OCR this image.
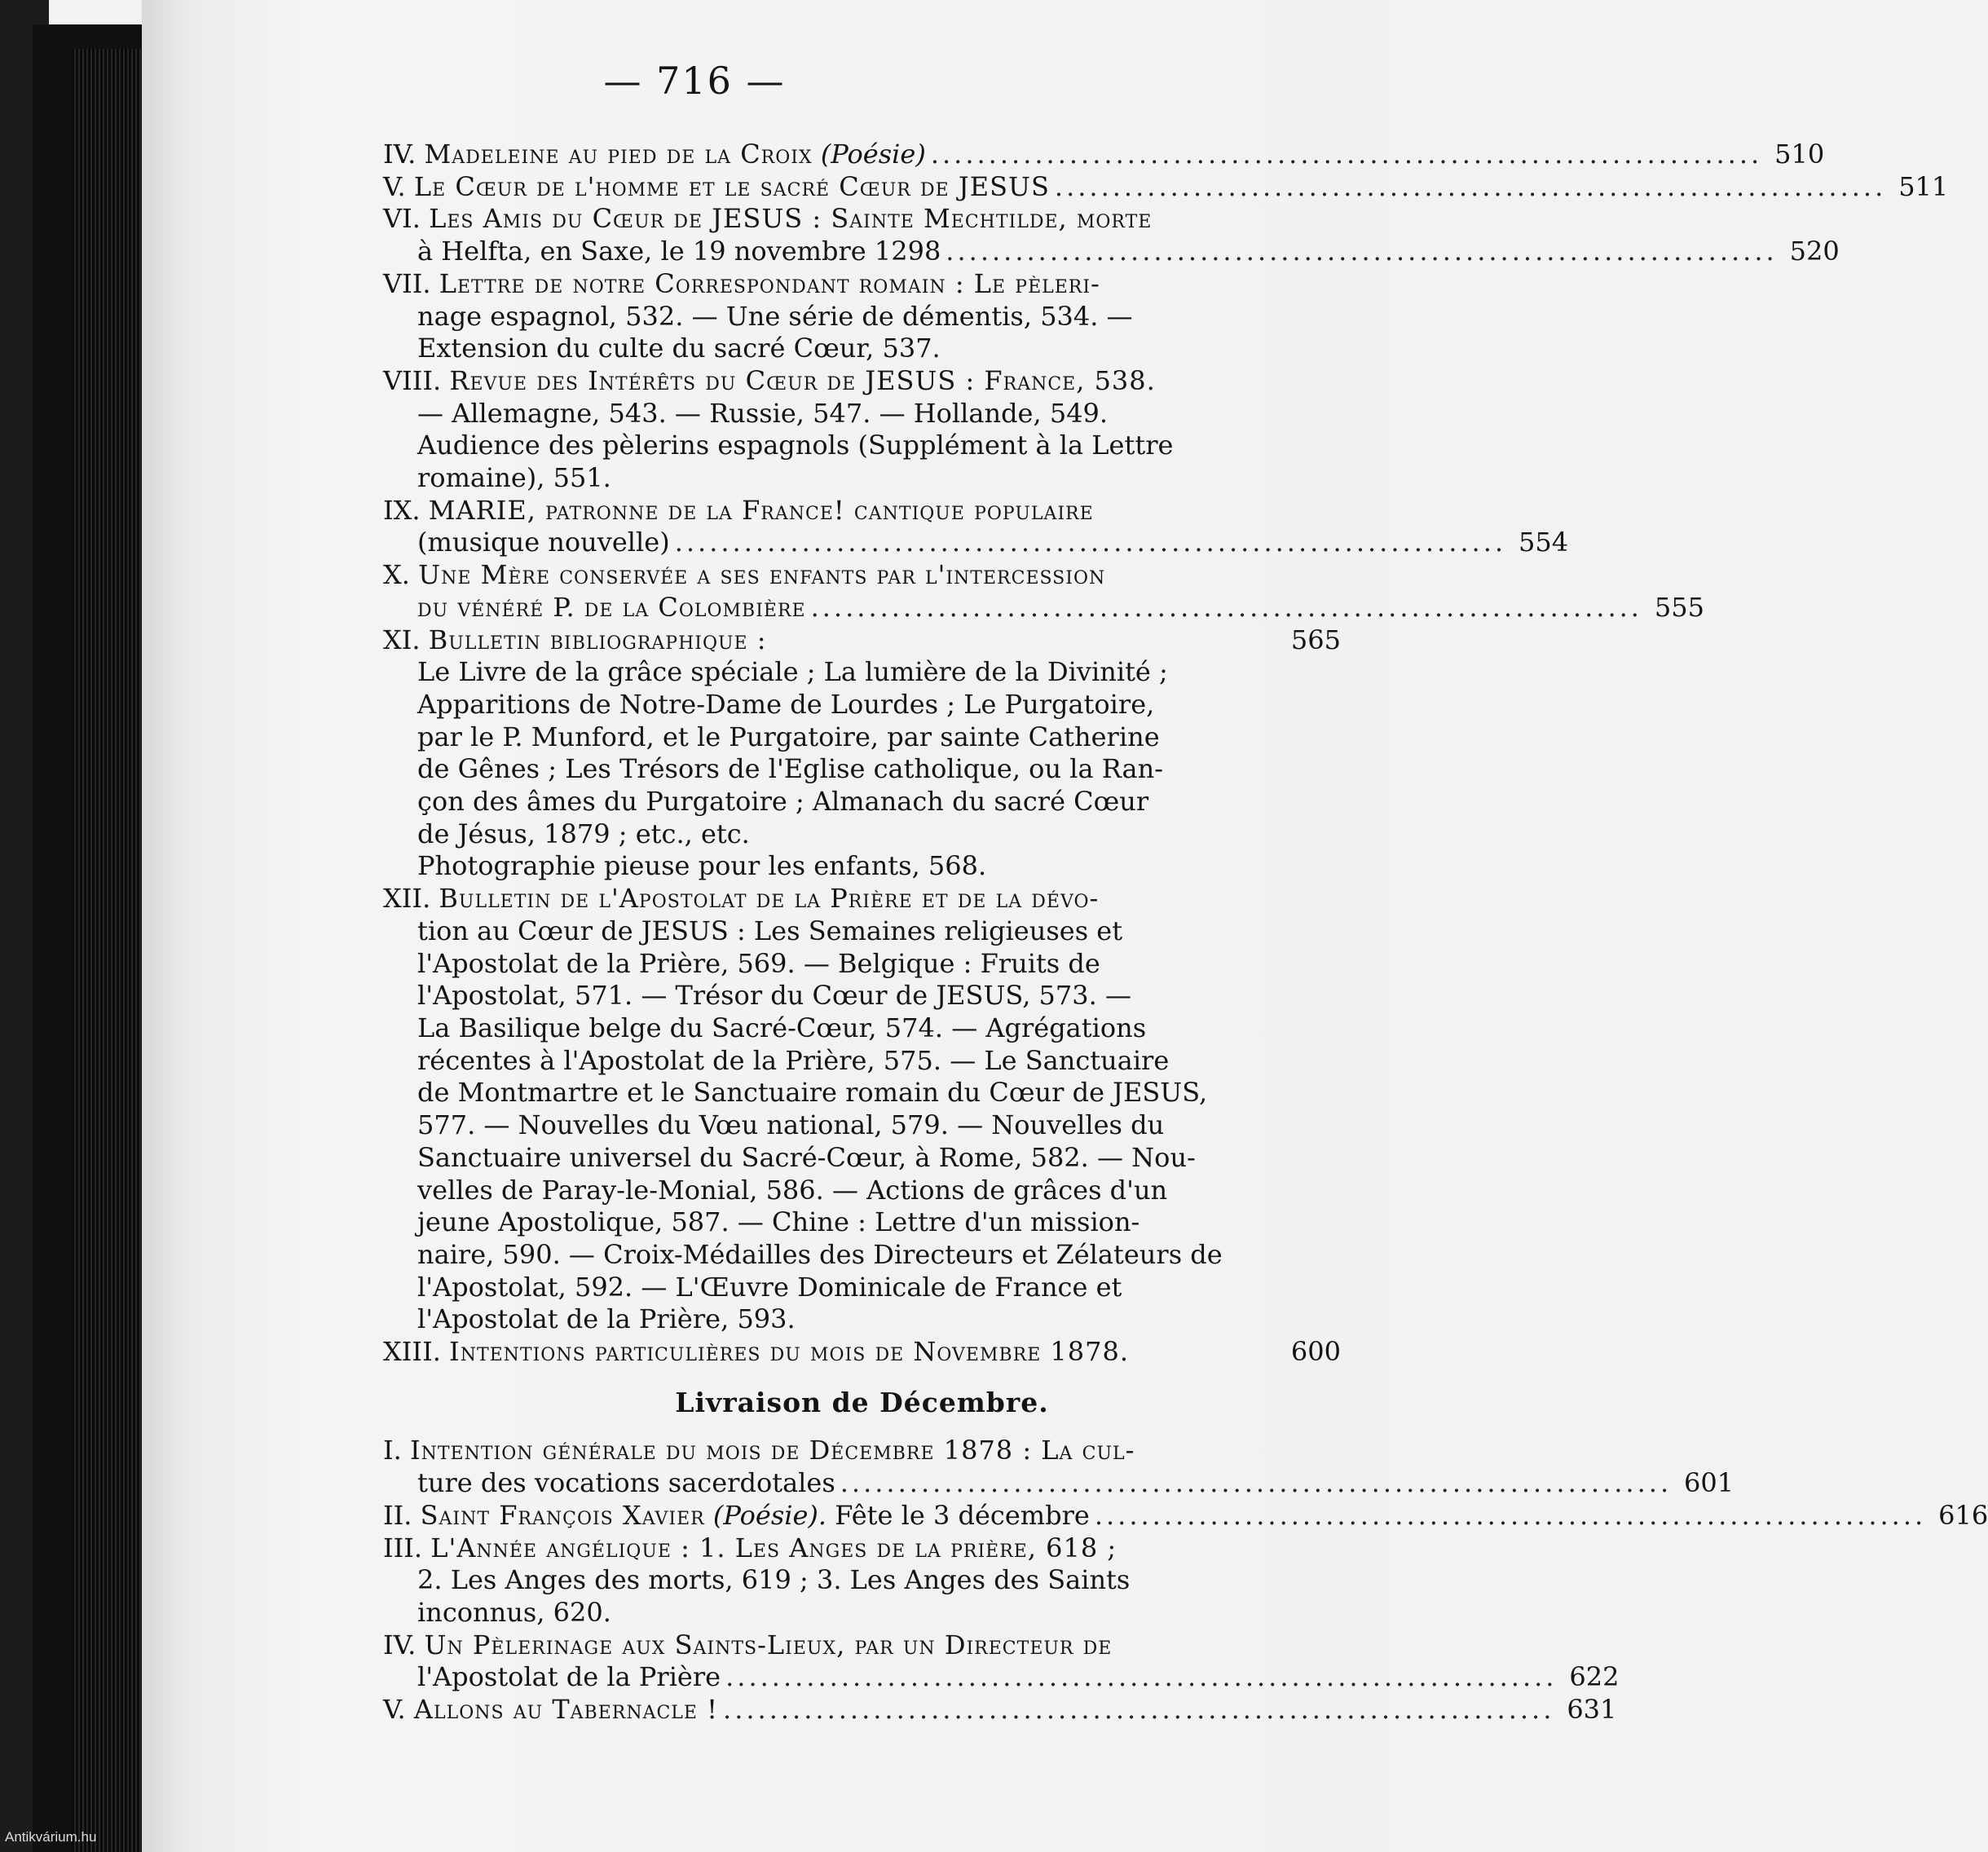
— 716 —
IV.
Madeleine au pied de la Croix
(Poésie) ........................................................................ 510
V.
Le Cœur de l'homme et le sacré Cœur de JESUS ........................................................................ 511
VI.
Les Amis du Cœur de JESUS : Sainte Mechtilde, morte
à Helfta, en Saxe, le 19 novembre 1298 ........................................................................ 520
VII.
Lettre de notre Correspondant romain : Le pèleri-
nage espagnol, 532. — Une série de démentis, 534. —
Extension du culte du sacré Cœur, 537.
VIII.
Revue des Intérêts du Cœur de JESUS : France, 538.
— Allemagne, 543. — Russie, 547. — Hollande, 549.
Audience des pèlerins espagnols (Supplément à la Lettre
romaine), 551.
IX.
MARIE, patronne de la France! cantique populaire
(musique nouvelle) ........................................................................ 554
X.
Une Mère conservée a ses enfants par l'intercession
du vénéré P. de la Colombière ........................................................................ 555
XI.
Bulletin bibliographique :	565
Le Livre de la grâce spéciale ; La lumière de la Divinité ;
Apparitions de Notre-Dame de Lourdes ; Le Purgatoire,
par le P. Munford, et le Purgatoire, par sainte Catherine
de Gênes ; Les Trésors de l'Eglise catholique, ou la Ran-
çon des âmes du Purgatoire ; Almanach du sacré Cœur
de Jésus, 1879 ; etc., etc.
Photographie pieuse pour les enfants, 568.
XII.
Bulletin de l'Apostolat de la Prière et de la dévo-
tion au Cœur de JESUS : Les Semaines religieuses et
l'Apostolat de la Prière, 569. — Belgique : Fruits de
l'Apostolat, 571. — Trésor du Cœur de JESUS, 573. —
La Basilique belge du Sacré-Cœur, 574. — Agrégations
récentes à l'Apostolat de la Prière, 575. — Le Sanctuaire
de Montmartre et le Sanctuaire romain du Cœur de JESUS,
577. — Nouvelles du Vœu national, 579. — Nouvelles du
Sanctuaire universel du Sacré-Cœur, à Rome, 582. — Nou-
velles de Paray-le-Monial, 586. — Actions de grâces d'un
jeune Apostolique, 587. — Chine : Lettre d'un mission-
naire, 590. — Croix-Médailles des Directeurs et Zélateurs de
l'Apostolat, 592. — L'Œuvre Dominicale de France et
l'Apostolat de la Prière, 593.
XIII.
Intentions particulières du mois de Novembre 1878.	600
Livraison de Décembre.
I.
Intention générale du mois de Décembre 1878 : La cul-
ture des vocations sacerdotales ........................................................................ 601
II.
Saint François Xavier
(Poésie).
Fête le 3 décembre ........................................................................ 616
III.
L'Année angélique : 1. Les Anges de la prière, 618 ;
2. Les Anges des morts, 619 ; 3. Les Anges des Saints
inconnus, 620.
IV.
Un Pèlerinage aux Saints-Lieux, par un Directeur de
l'Apostolat de la Prière ........................................................................ 622
V.
Allons au Tabernacle ! ........................................................................ 631
Antikvárium.hu
